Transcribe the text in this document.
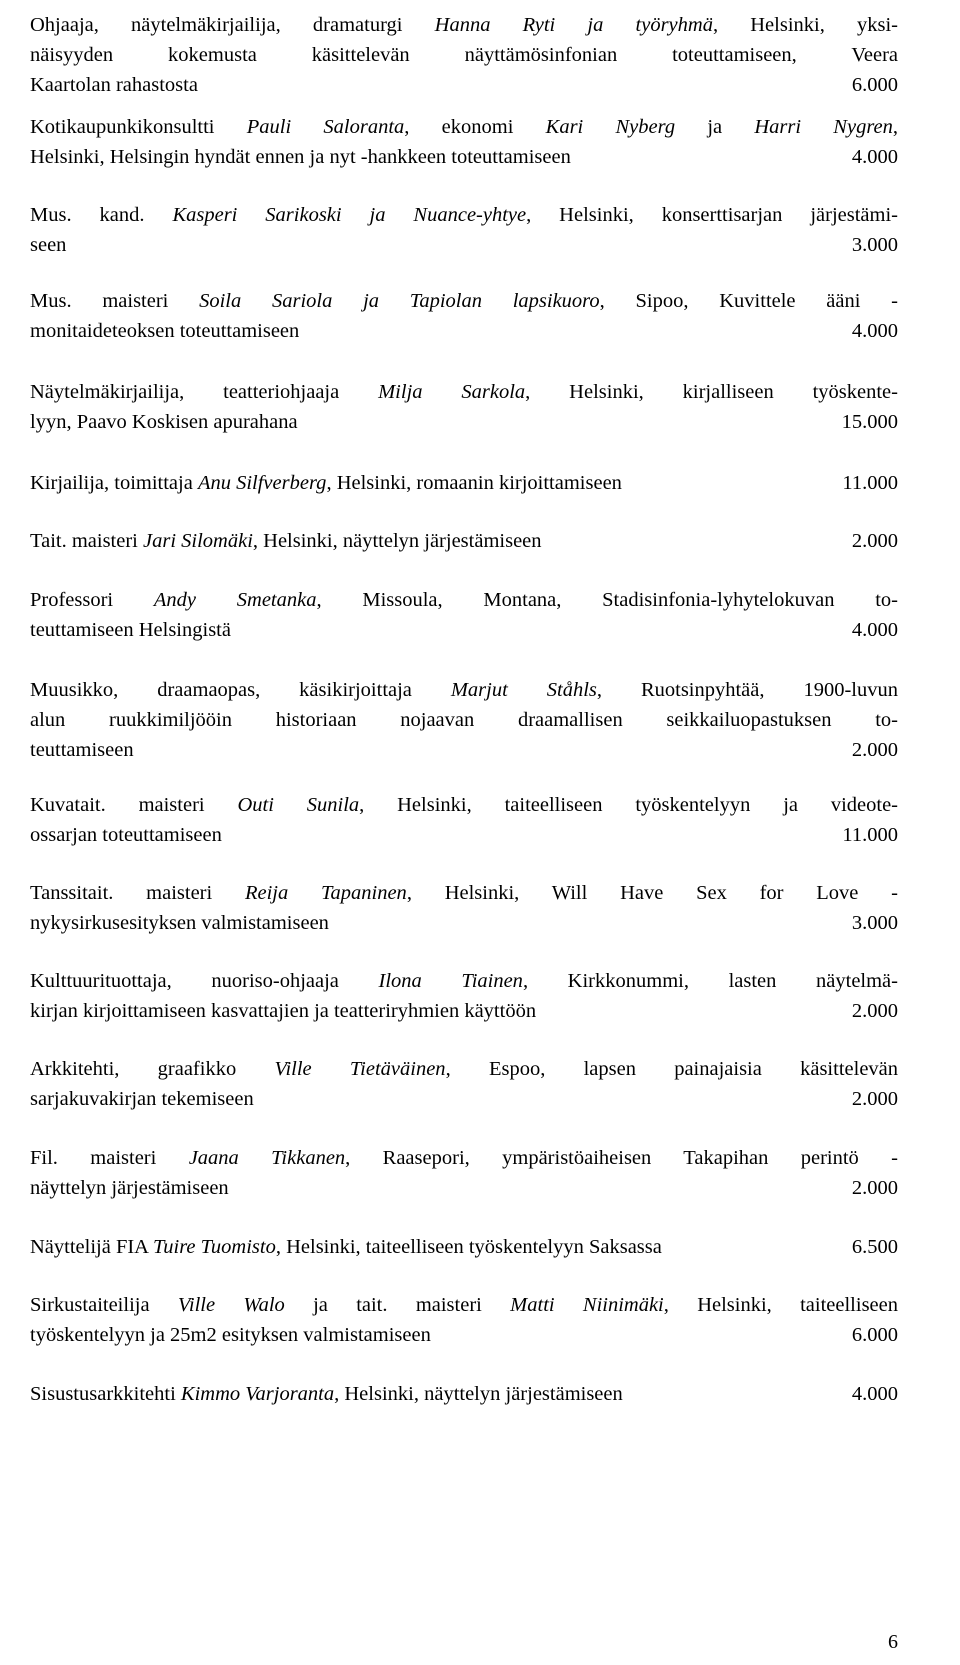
Ohjaaja, näytelmäkirjailija, dramaturgi Hanna Ryti ja työryhmä, Helsinki, yksi-
näisyyden kokemusta käsittelevän näyttämösinfonian toteuttamiseen, Veera
Kaartolan rahastosta	6.000
Kotikaupunkikonsultti Pauli Saloranta, ekonomi Kari Nyberg ja Harri Nygren,
Helsinki, Helsingin hyndät ennen ja nyt -hankkeen toteuttamiseen	4.000
Mus. kand. Kasperi Sarikoski ja Nuance-yhtye, Helsinki, konserttisarjan järjestämi-
seen	3.000
Mus. maisteri Soila Sariola ja Tapiolan lapsikuoro, Sipoo, Kuvittele ääni -
monitaideteoksen toteuttamiseen	4.000
Näytelmäkirjailija, teatteriohjaaja Milja Sarkola, Helsinki, kirjalliseen työskente-
lyyn, Paavo Koskisen apurahana	15.000
Kirjailija, toimittaja Anu Silfverberg, Helsinki, romaanin kirjoittamiseen	11.000
Tait. maisteri Jari Silomäki, Helsinki, näyttelyn järjestämiseen	2.000
Professori Andy Smetanka, Missoula, Montana, Stadisinfonia-lyhytelokuvan to-
teuttamiseen Helsingistä	4.000
Muusikko, draamaopas, käsikirjoittaja Marjut Ståhls, Ruotsinpyhtää, 1900-luvun
alun ruukkimiljööin historiaan nojaavan draamallisen seikkailuopastuksen to-
teuttamiseen	2.000
Kuvatait. maisteri Outi Sunila, Helsinki, taiteelliseen työskentelyyn ja videote-
ossarjan toteuttamiseen	11.000
Tanssitait. maisteri Reija Tapaninen, Helsinki, Will Have Sex for Love -
nykysirkusesityksen valmistamiseen	3.000
Kulttuurituottaja, nuoriso-ohjaaja Ilona Tiainen, Kirkkonummi, lasten näytelmä-
kirjan kirjoittamiseen kasvattajien ja teatteriryhmien käyttöön	2.000
Arkkitehti, graafikko Ville Tietäväinen, Espoo, lapsen painajaisia käsittelevän
sarjakuvakirjan tekemiseen	2.000
Fil. maisteri Jaana Tikkanen, Raasepori, ympäristöaiheisen Takapihan perintö -
näyttelyn järjestämiseen	2.000
Näyttelijä FIA Tuire Tuomisto, Helsinki, taiteelliseen työskentelyyn Saksassa	6.500
Sirkustaiteilija Ville Walo ja tait. maisteri Matti Niinimäki, Helsinki, taiteelliseen
työskentelyyn ja 25m2 esityksen valmistamiseen	6.000
Sisustusarkkitehti Kimmo Varjoranta, Helsinki, näyttelyn järjestämiseen	4.000
6
